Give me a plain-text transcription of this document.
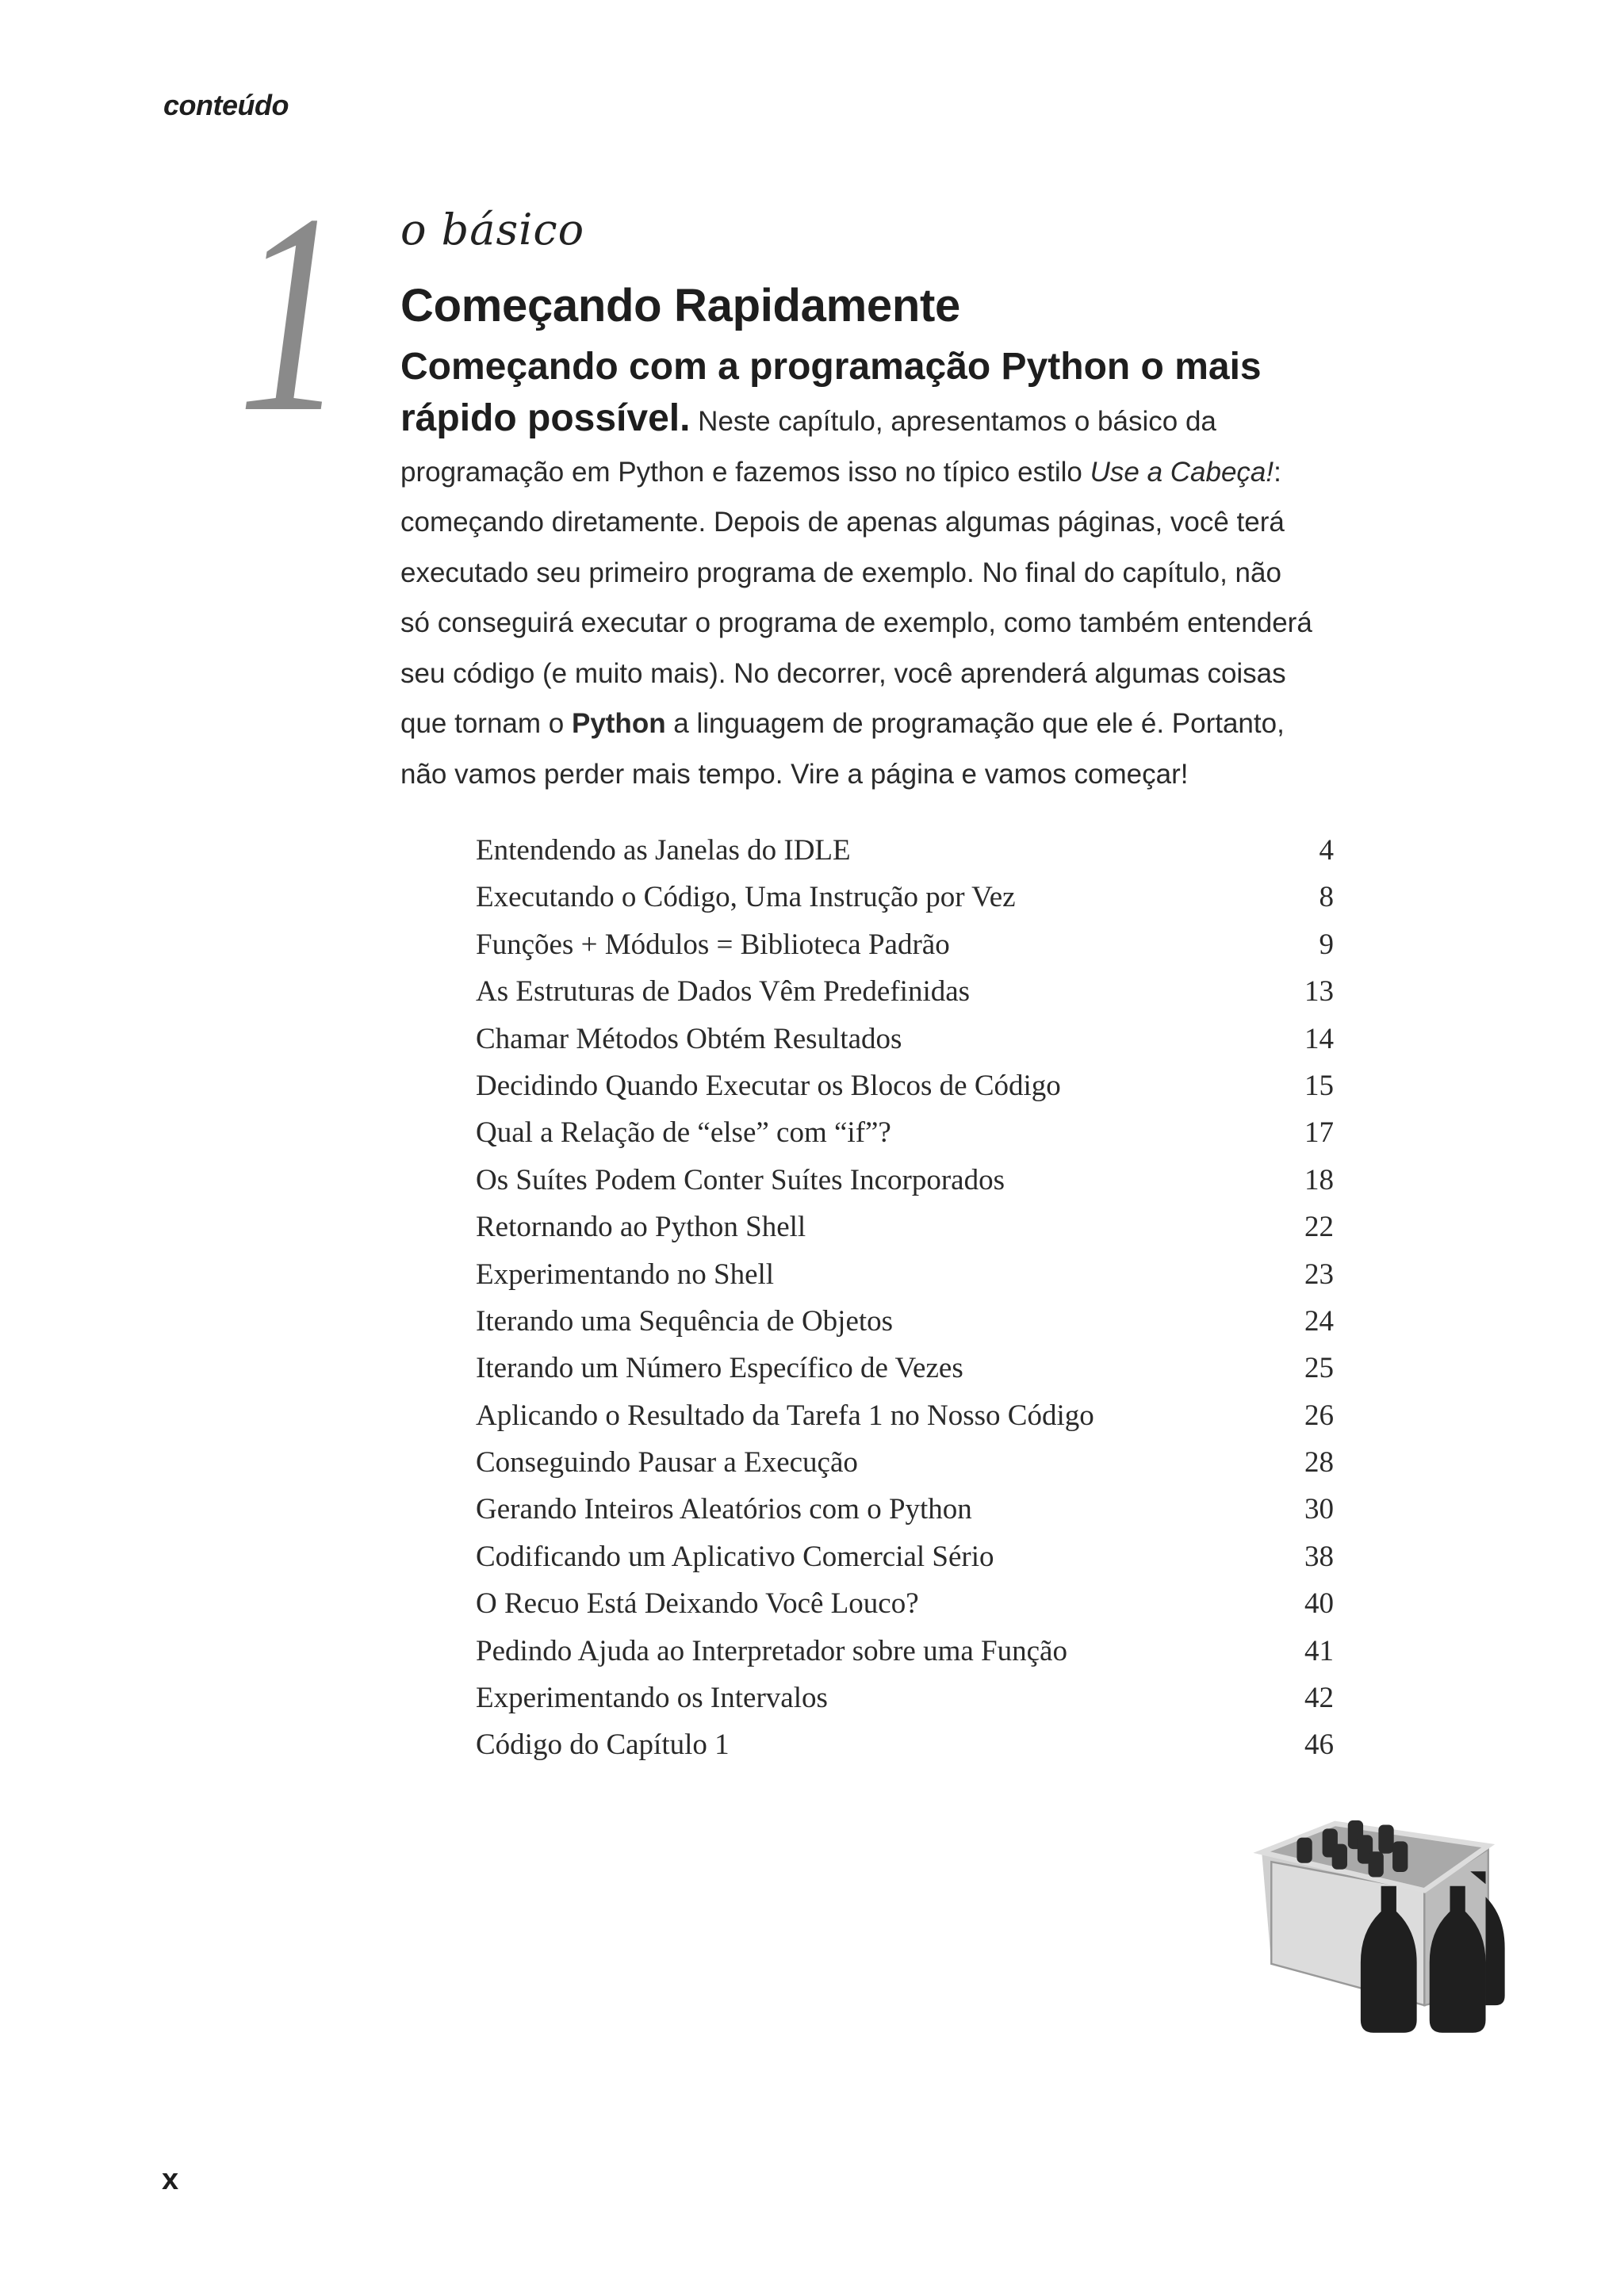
conteúdo
1 o básico
Começando Rapidamente
Começando com a programação Python o mais
rápido possível. Neste capítulo, apresentamos o básico da
programação em Python e fazemos isso no típico estilo Use a Cabeça!:
começando diretamente. Depois de apenas algumas páginas, você terá
executado seu primeiro programa de exemplo. No final do capítulo, não
só conseguirá executar o programa de exemplo, como também entenderá
seu código (e muito mais). No decorrer, você aprenderá algumas coisas
que tornam o Python a linguagem de programação que ele é. Portanto,
não vamos perder mais tempo. Vire a página e vamos começar!
Entendendo as Janelas do IDLE	4
Executando o Código, Uma Instrução por Vez	8
Funções + Módulos = Biblioteca Padrão	9
As Estruturas de Dados Vêm Predefinidas	13
Chamar Métodos Obtém Resultados	14
Decidindo Quando Executar os Blocos de Código	15
Qual a Relação de “else” com “if”?	17
Os Suítes Podem Conter Suítes Incorporados	18
Retornando ao Python Shell	22
Experimentando no Shell	23
Iterando uma Sequência de Objetos	24
Iterando um Número Específico de Vezes	25
Aplicando o Resultado da Tarefa 1 no Nosso Código	26
Conseguindo Pausar a Execução	28
Gerando Inteiros Aleatórios com o Python	30
Codificando um Aplicativo Comercial Sério	38
O Recuo Está Deixando Você Louco?	40
Pedindo Ajuda ao Interpretador sobre uma Função	41
Experimentando os Intervalos	42
Código do Capítulo 1	46
x
